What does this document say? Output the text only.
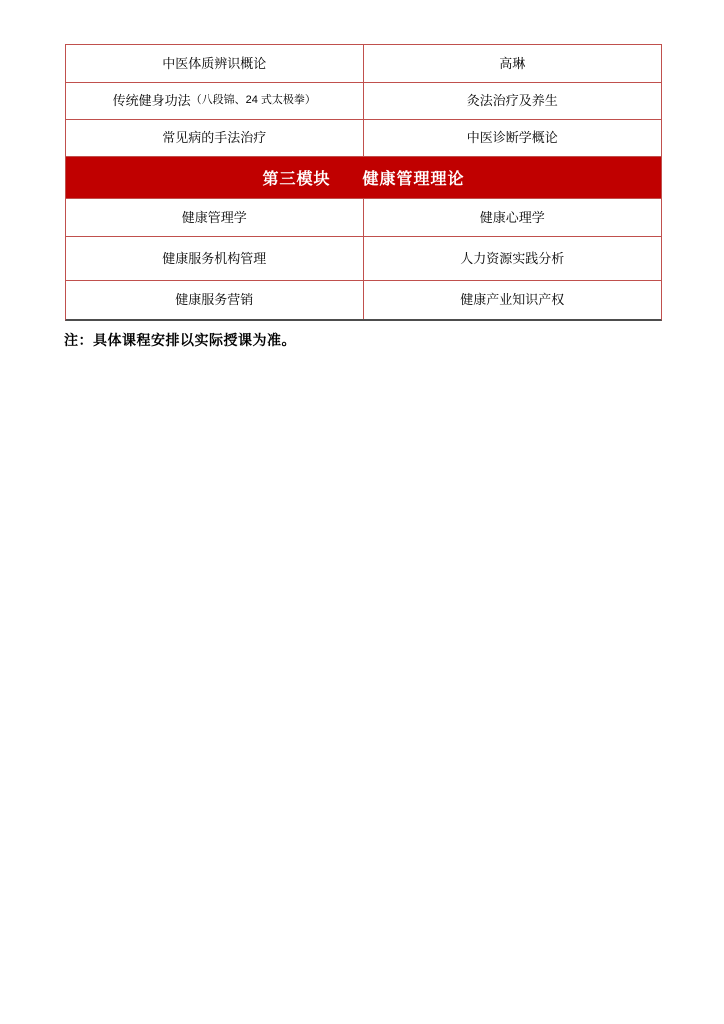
中医体质辨识概论	高琳
传统健身功法 （八段锦、24 式太极拳）	灸法治疗及养生
常见病的手法治疗	中医诊断学概论
第三模块 健康管理理论
健康管理学	健康心理学
健康服务机构管理	人力资源实践分析
健康服务营销	健康产业知识产权
注：具体课程安排以实际授课为准。
